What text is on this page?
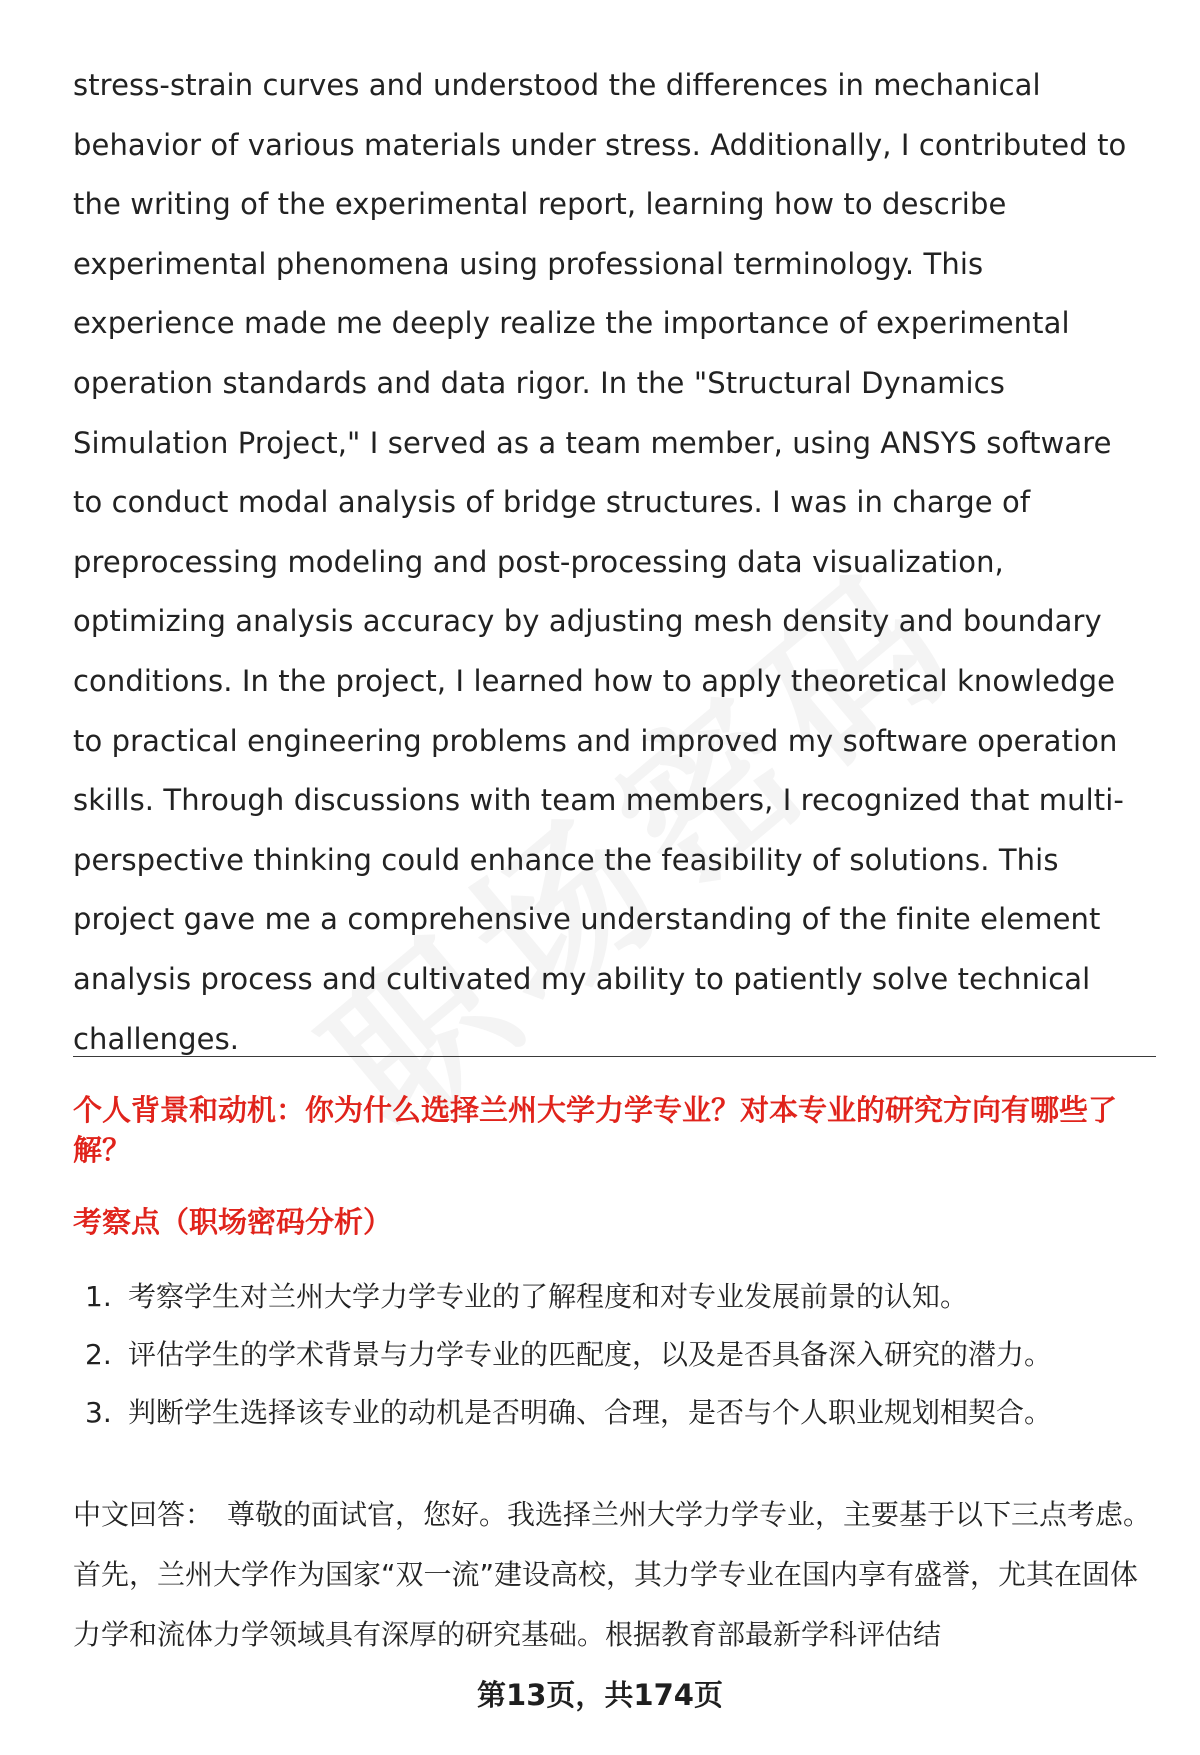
stress-strain curves and understood the differences in mechanical behavior of various materials under stress. Additionally, I contributed to the writing of the experimental report, learning how to describe experimental phenomena using professional terminology. This experience made me deeply realize the importance of experimental operation standards and data rigor. In the "Structural Dynamics Simulation Project," I served as a team member, using ANSYS software to conduct modal analysis of bridge structures. I was in charge of preprocessing modeling and post-processing data visualization, optimizing analysis accuracy by adjusting mesh density and boundary conditions. In the project, I learned how to apply theoretical knowledge to practical engineering problems and improved my software operation skills. Through discussions with team members, I recognized that multi-perspective thinking could enhance the feasibility of solutions. This project gave me a comprehensive understanding of the finite element analysis process and cultivated my ability to patiently solve technical challenges.
个人背景和动机：你为什么选择兰州大学力学专业？对本专业的研究方向有哪些了解？
考察点（职场密码分析）
1. 考察学生对兰州大学力学专业的了解程度和对专业发展前景的认知。
2. 评估学生的学术背景与力学专业的匹配度，以及是否具备深入研究的潜力。
3. 判断学生选择该专业的动机是否明确、合理，是否与个人职业规划相契合。
中文回答： 尊敬的面试官，您好。我选择兰州大学力学专业，主要基于以下三点考虑。首先，兰州大学作为国家“双一流”建设高校，其力学专业在国内享有盛誉，尤其在固体力学和流体力学领域具有深厚的研究基础。根据教育部最新学科评估结
第13页，共174页
